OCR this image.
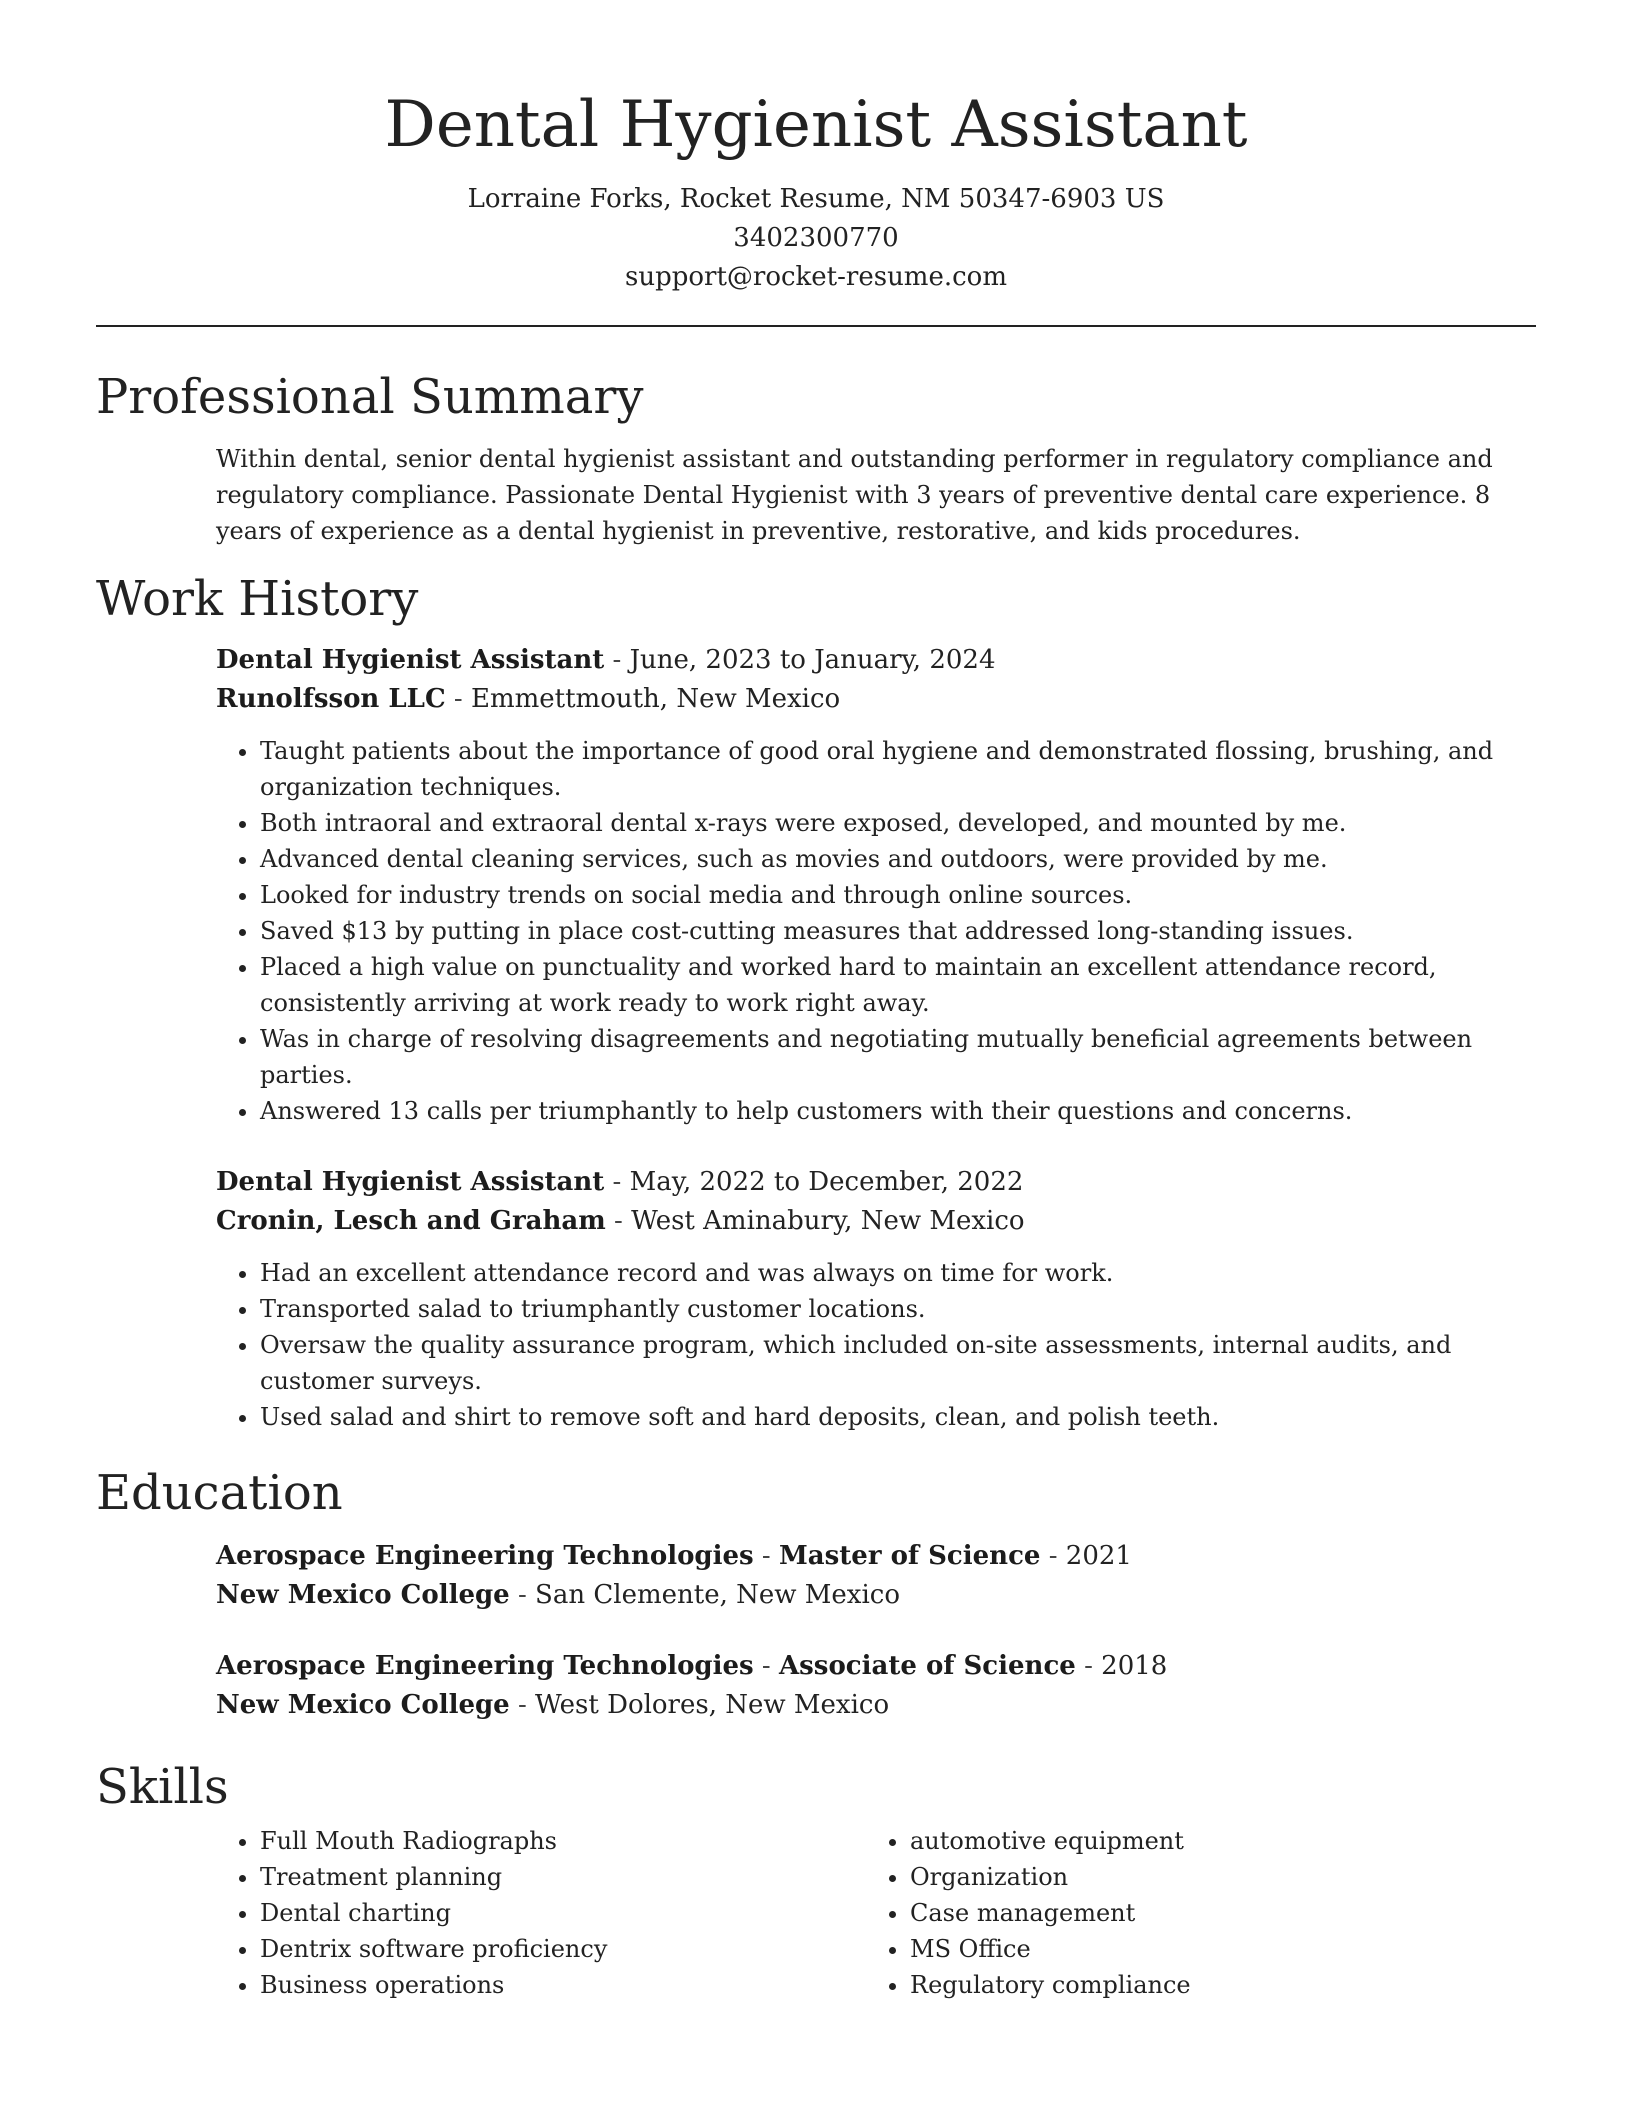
Dental Hygienist Assistant
Lorraine Forks, Rocket Resume, NM 50347-6903 US
3402300770
support@rocket-resume.com
Professional Summary

Within dental, senior dental hygienist assistant and outstanding performer in regulatory compliance and regulatory compliance. Passionate Dental Hygienist with 3 years of preventive dental care experience. 8 years of experience as a dental hygienist in preventive, restorative, and kids procedures.

Work History
Dental Hygienist Assistant - June, 2023 to January, 2024
Runolfsson LLC - Emmettmouth, New Mexico
• Taught patients about the importance of good oral hygiene and demonstrated flossing, brushing, and organization techniques.
• Both intraoral and extraoral dental x-rays were exposed, developed, and mounted by me.
• Advanced dental cleaning services, such as movies and outdoors, were provided by me.
• Looked for industry trends on social media and through online sources.
• Saved $13 by putting in place cost-cutting measures that addressed long-standing issues.
• Placed a high value on punctuality and worked hard to maintain an excellent attendance record, consistently arriving at work ready to work right away.
• Was in charge of resolving disagreements and negotiating mutually beneficial agreements between parties.
• Answered 13 calls per triumphantly to help customers with their questions and concerns.
Dental Hygienist Assistant - May, 2022 to December, 2022
Cronin, Lesch and Graham - West Aminabury, New Mexico
• Had an excellent attendance record and was always on time for work.
• Transported salad to triumphantly customer locations.
• Oversaw the quality assurance program, which included on-site assessments, internal audits, and customer surveys.
• Used salad and shirt to remove soft and hard deposits, clean, and polish teeth.
Education
Aerospace Engineering Technologies - Master of Science - 2021
New Mexico College - San Clemente, New Mexico
Aerospace Engineering Technologies - Associate of Science - 2018
New Mexico College - West Dolores, New Mexico
Skills
• Full Mouth Radiographs
• Treatment planning
• Dental charting
• Dentrix software proficiency
• Business operations
• automotive equipment
• Organization
• Case management
• MS Office
• Regulatory compliance
